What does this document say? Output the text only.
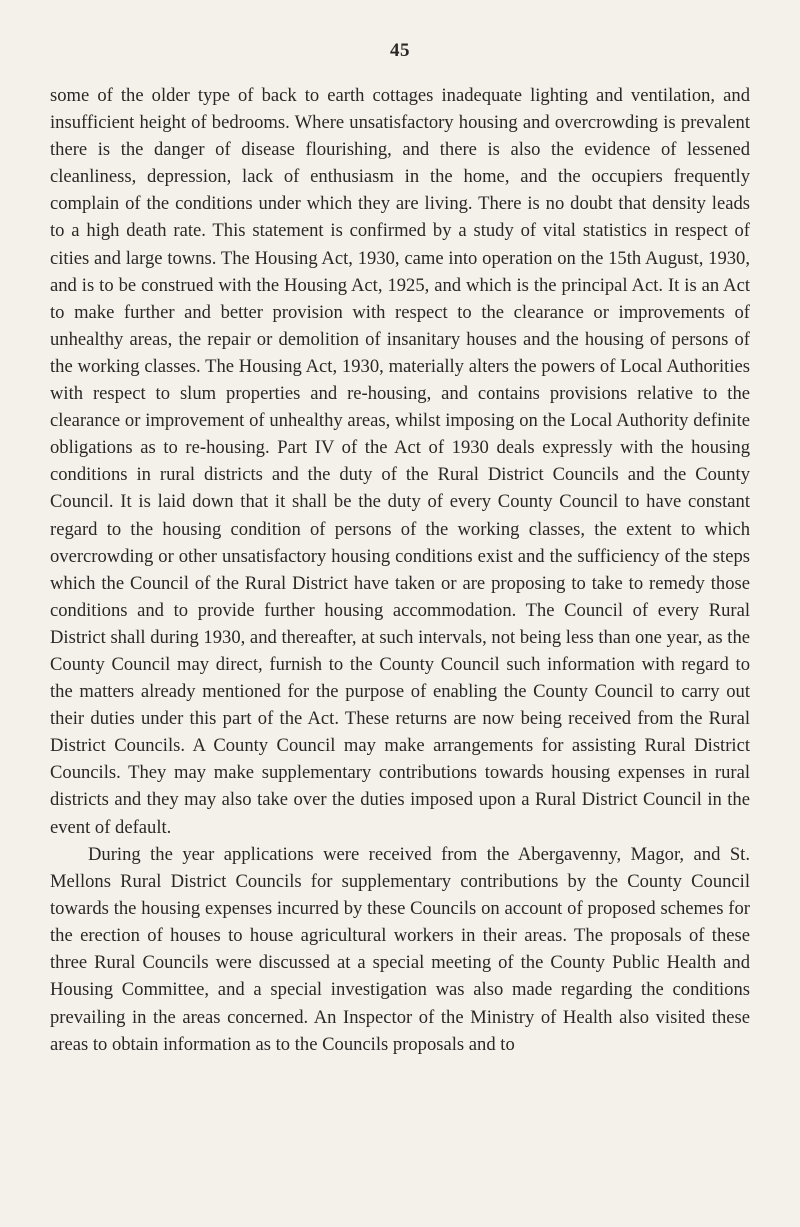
45

some of the older type of back to earth cottages inadequate lighting and ventilation, and insufficient height of bedrooms. Where unsatisfactory housing and overcrowding is prevalent there is the danger of disease flourishing, and there is also the evidence of lessened cleanliness, depression, lack of enthusiasm in the home, and the occupiers frequently complain of the conditions under which they are living. There is no doubt that density leads to a high death rate. This statement is confirmed by a study of vital statistics in respect of cities and large towns. The Housing Act, 1930, came into operation on the 15th August, 1930, and is to be construed with the Housing Act, 1925, and which is the principal Act. It is an Act to make further and better provision with respect to the clearance or improvements of unhealthy areas, the repair or demolition of insanitary houses and the housing of persons of the working classes. The Housing Act, 1930, materially alters the powers of Local Authorities with respect to slum properties and re-housing, and contains provisions relative to the clearance or improvement of unhealthy areas, whilst imposing on the Local Authority definite obligations as to re-housing. Part IV of the Act of 1930 deals expressly with the housing conditions in rural districts and the duty of the Rural District Councils and the County Council. It is laid down that it shall be the duty of every County Council to have constant regard to the housing condition of persons of the working classes, the extent to which overcrowding or other unsatisfactory housing conditions exist and the sufficiency of the steps which the Council of the Rural District have taken or are proposing to take to remedy those conditions and to provide further housing accommodation. The Council of every Rural District shall during 1930, and thereafter, at such intervals, not being less than one year, as the County Council may direct, furnish to the County Council such information with regard to the matters already mentioned for the purpose of enabling the County Council to carry out their duties under this part of the Act. These returns are now being received from the Rural District Councils. A County Council may make arrangements for assisting Rural District Councils. They may make supplementary contributions towards housing expenses in rural districts and they may also take over the duties imposed upon a Rural District Council in the event of default.

During the year applications were received from the Abergavenny, Magor, and St. Mellons Rural District Councils for supplementary contributions by the County Council towards the housing expenses incurred by these Councils on account of proposed schemes for the erection of houses to house agricultural workers in their areas. The proposals of these three Rural Councils were discussed at a special meeting of the County Public Health and Housing Committee, and a special investigation was also made regarding the conditions prevailing in the areas concerned. An Inspector of the Ministry of Health also visited these areas to obtain information as to the Councils proposals and to
